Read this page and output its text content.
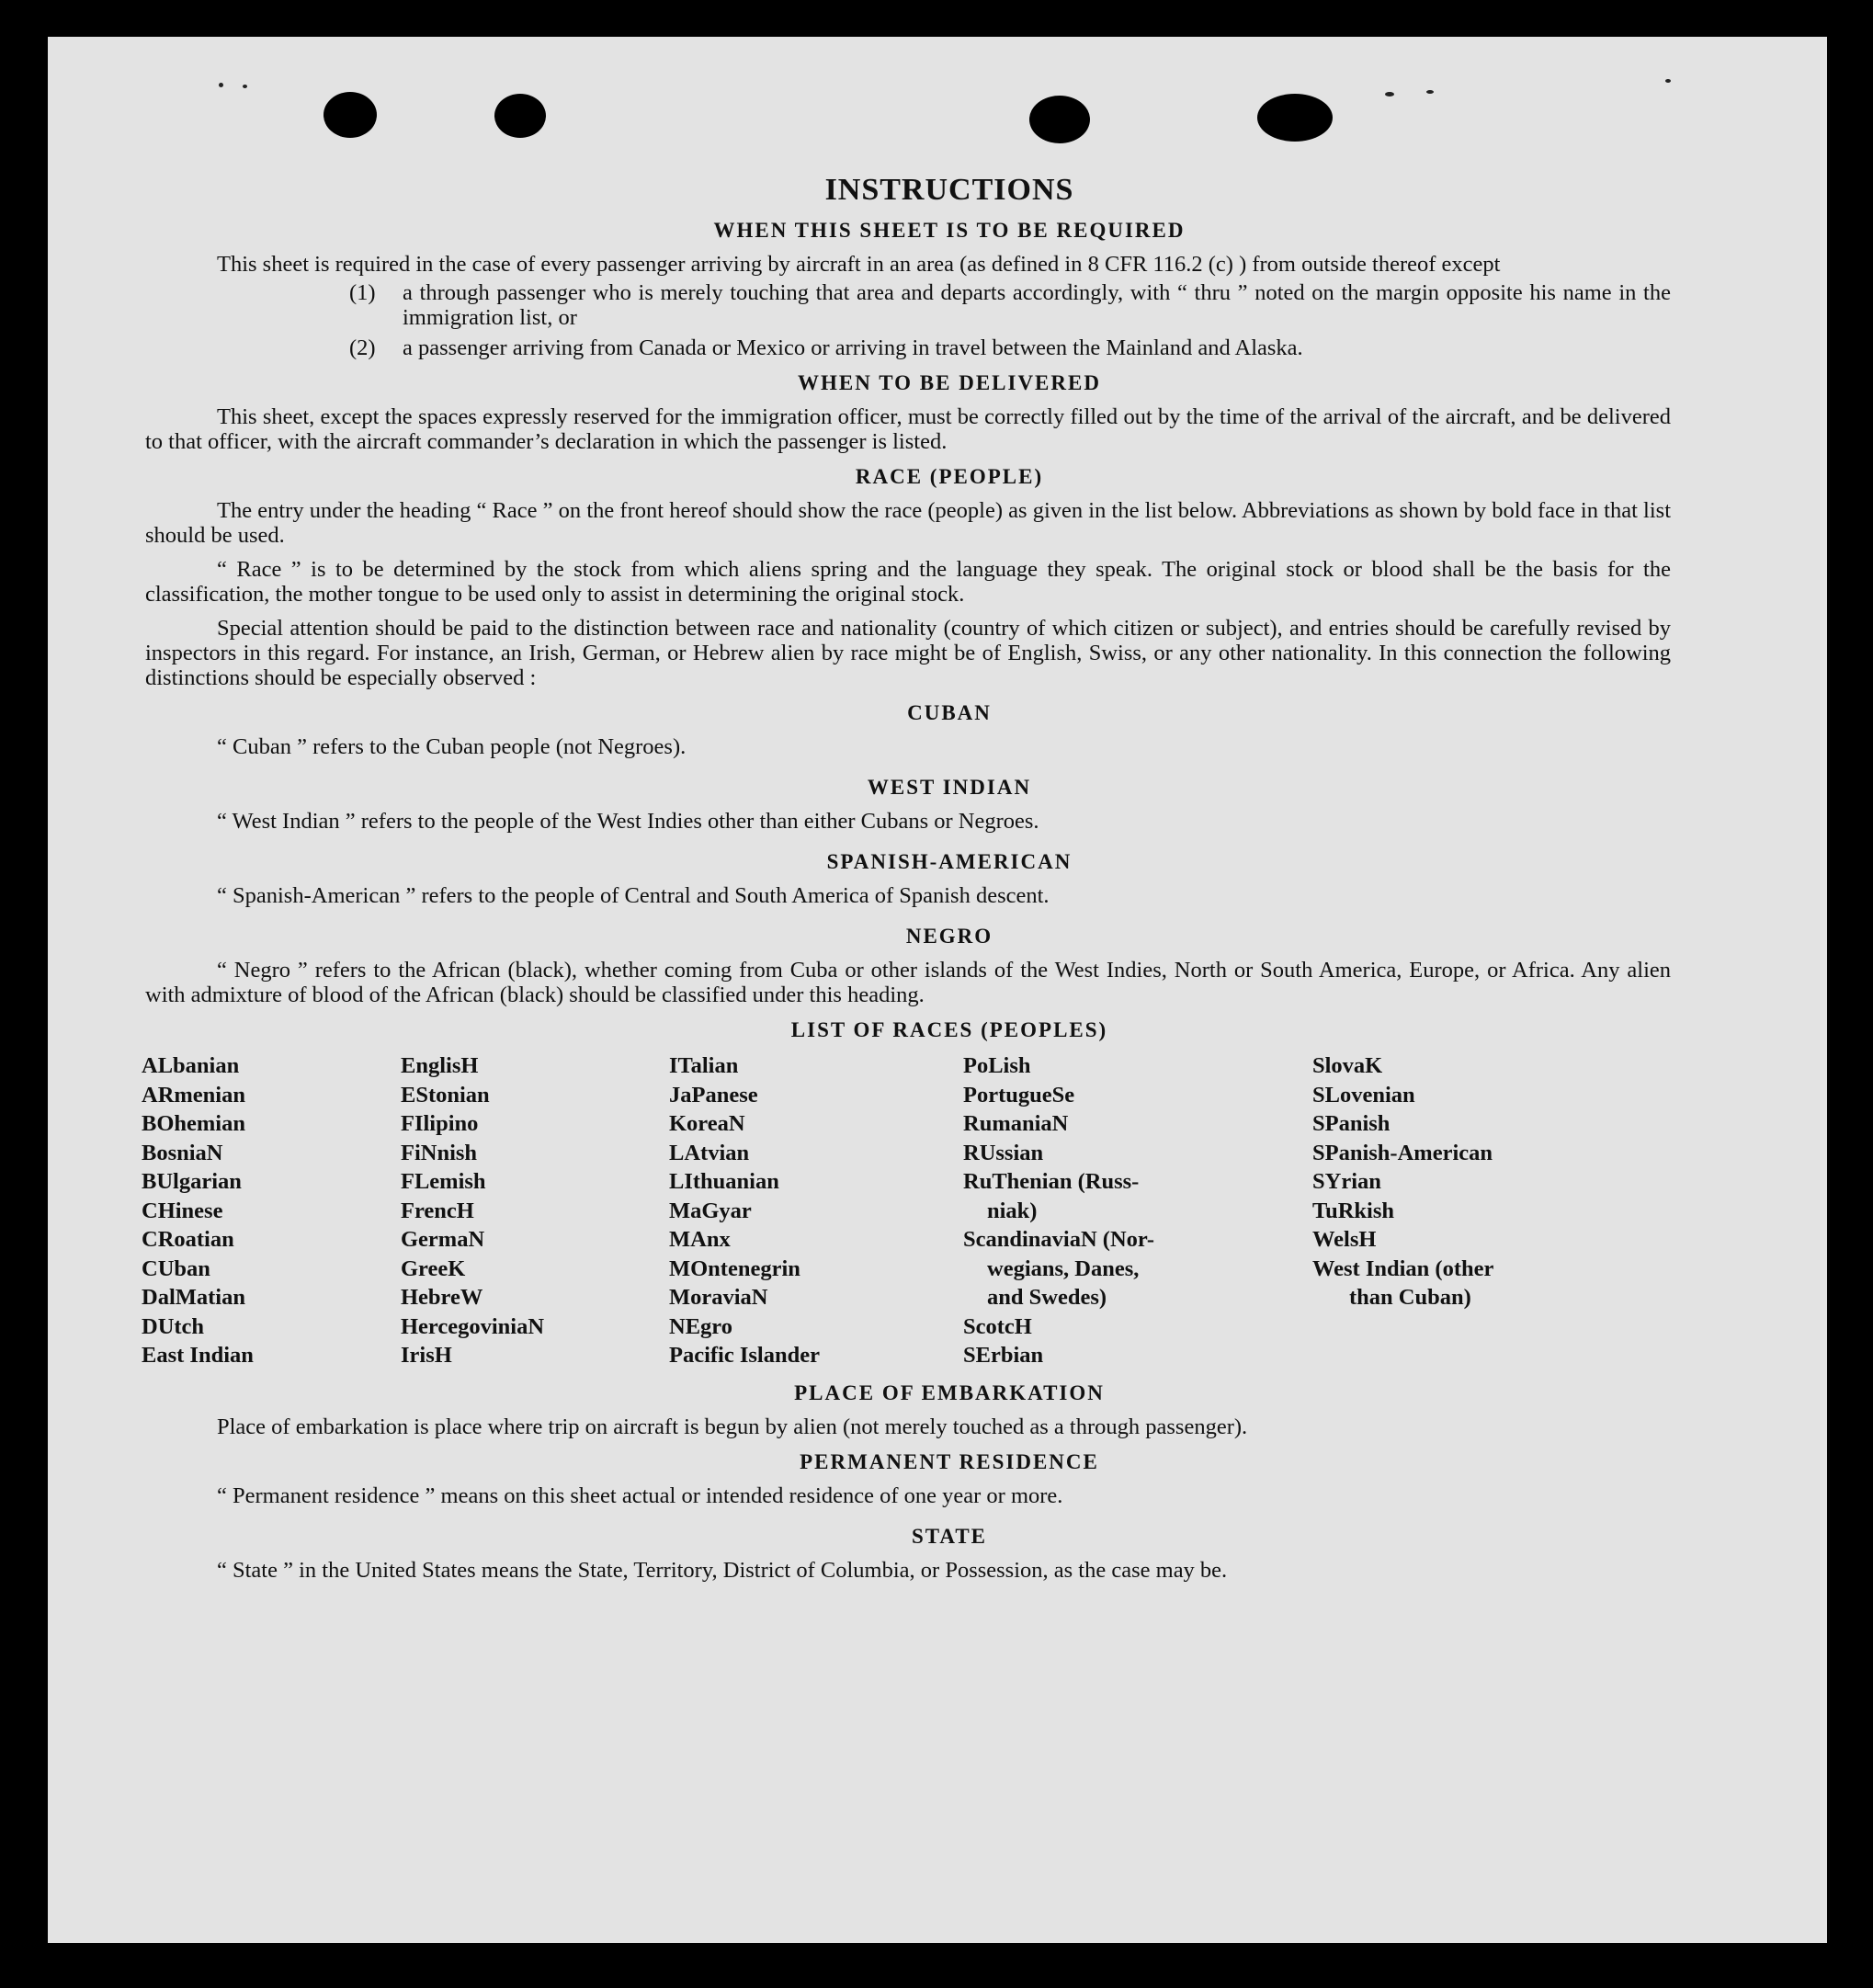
INSTRUCTIONS
WHEN THIS SHEET IS TO BE REQUIRED

This sheet is required in the case of every passenger arriving by aircraft in an area (as defined in 8 CFR 116.2 (c) ) from outside thereof except

(1)	a through passenger who is merely touching that area and departs accordingly, with “ thru ” noted on the margin opposite his name in the immigration list, or
(2)	a passenger arriving from Canada or Mexico or arriving in travel between the Mainland and Alaska.
WHEN TO BE DELIVERED

This sheet, except the spaces expressly reserved for the immigration officer, must be correctly filled out by the time of the arrival of the aircraft, and be delivered to that officer, with the aircraft commander’s declaration in which the passenger is listed.

RACE (PEOPLE)

The entry under the heading “ Race ” on the front hereof should show the race (people) as given in the list below. Abbreviations as shown by bold face in that list should be used.

“ Race ” is to be determined by the stock from which aliens spring and the language they speak. The original stock or blood shall be the basis for the classification, the mother tongue to be used only to assist in determining the original stock.

Special attention should be paid to the distinction between race and nationality (country of which citizen or subject), and entries should be carefully revised by inspectors in this regard. For instance, an Irish, German, or Hebrew alien by race might be of English, Swiss, or any other nationality. In this connection the following distinctions should be especially observed :

CUBAN
“ Cuban ” refers to the Cuban people (not Negroes).
WEST INDIAN
“ West Indian ” refers to the people of the West Indies other than either Cubans or Negroes.
SPANISH-AMERICAN
“ Spanish-American ” refers to the people of Central and South America of Spanish descent.
NEGRO

“ Negro ” refers to the African (black), whether coming from Cuba or other islands of the West Indies, North or South America, Europe, or Africa. Any alien with admixture of blood of the African (black) should be classified under this heading.

LIST OF RACES (PEOPLES)
ALbanian
ARmenian
BOhemian
BosniaN
BUlgarian
CHinese
CRoatian
CUban
DalMatian
DUtch
East Indian
EnglisH
EStonian
FIlipino
FiNnish
FLemish
FrencH
GermaN
GreeK
HebreW
HercegoviniaN
IrisH
ITalian
JaPanese
KoreaN
LAtvian
LIthuanian
MaGyar
MAnx
MOntenegrin
MoraviaN
NEgro
Pacific Islander
PoLish
PortugueSe
RumaniaN
RUssian
RuThenian (Russ-
niak)
ScandinaviaN (Nor-
wegians, Danes,
and Swedes)
ScotcH
SErbian
SlovaK
SLovenian
SPanish
SPanish-American
SYrian
TuRkish
WelsH
West Indian (other
than Cuban)
PLACE OF EMBARKATION

Place of embarkation is place where trip on aircraft is begun by alien (not merely touched as a through passenger).

PERMANENT RESIDENCE
“ Permanent residence ” means on this sheet actual or intended residence of one year or more.
STATE

“ State ” in the United States means the State, Territory, District of Columbia, or Possession, as the case may be.
